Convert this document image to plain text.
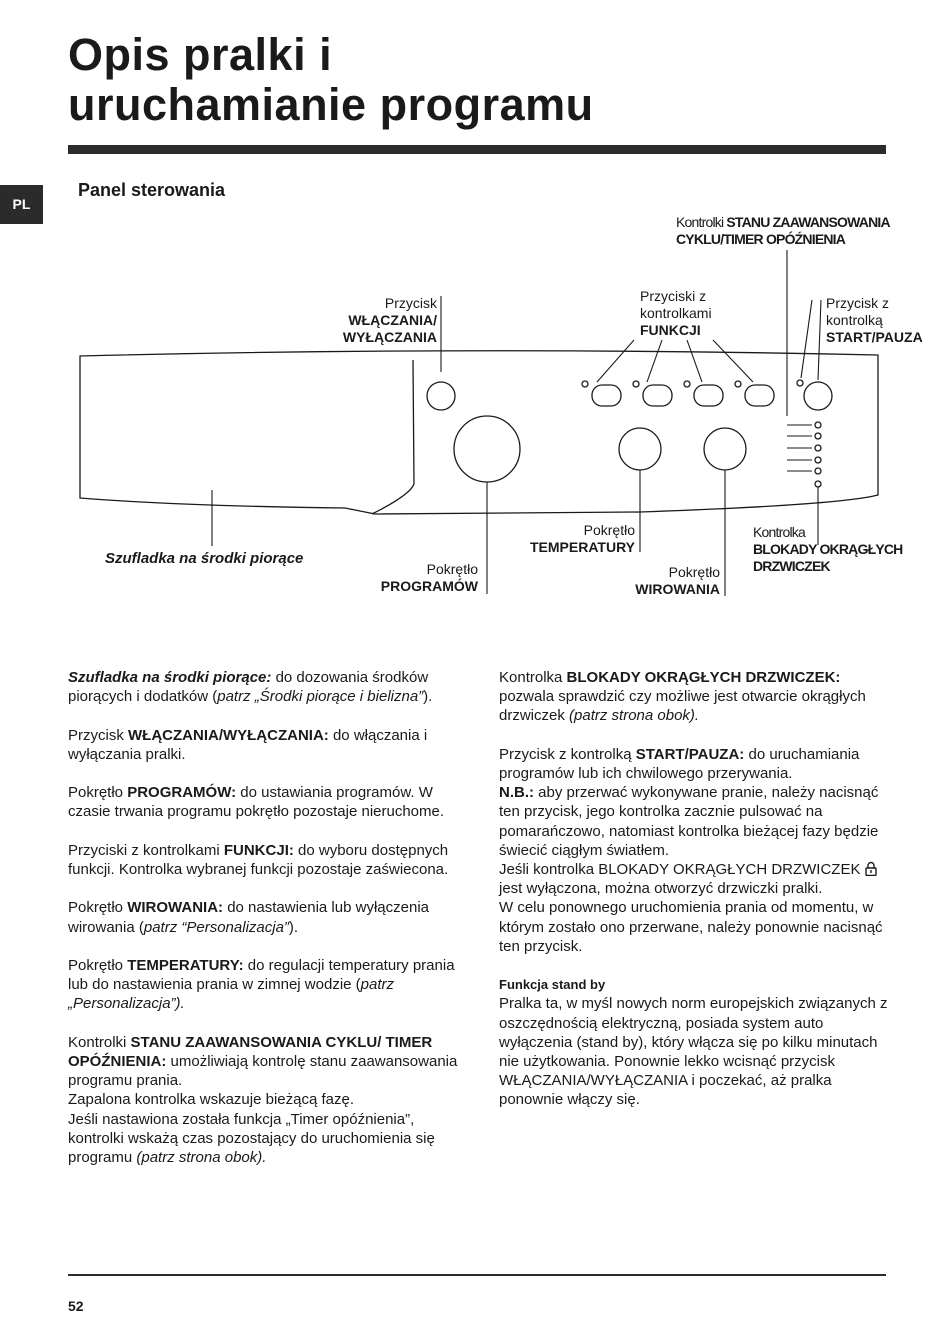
Opis pralki i
uruchamianie programu
PL
Panel sterowania
Kontrolki STANU ZAAWANSOWANIA
CYKLU/TIMER OPÓŹNIENIA
Przycisk
WŁĄCZANIA/
WYŁĄCZANIA
Przyciski z
kontrolkami
FUNKCJI
Przycisk z
kontrolką
START/PAUZA
Szufladka na środki piorące
Pokrętło
PROGRAMÓW
Pokrętło
TEMPERATURY
Pokrętło
WIROWANIA
Kontrolka
BLOKADY OKRĄGŁYCH
DRZWICZEK

Szufladka na środki piorące: do dozowania środków piorących i dodatków (patrz „Środki piorące i bielizna”).

Przycisk WŁĄCZANIA/WYŁĄCZANIA: do włączania i wyłączania pralki.

Pokrętło PROGRAMÓW: do ustawiania programów. W czasie trwania programu pokrętło pozostaje nieruchome.

Przyciski z kontrolkami FUNKCJI: do wyboru dostępnych funkcji. Kontrolka wybranej funkcji pozostaje zaświecona.

Pokrętło WIROWANIA: do nastawienia lub wyłączenia wirowania (patrz “Personalizacja”).

Pokrętło TEMPERATURY: do regulacji temperatury prania lub do nastawienia prania w zimnej wodzie (patrz „Personalizacja”).

Kontrolki STANU ZAAWANSOWANIA CYKLU/ TIMER OPÓŹNIENIA: umożliwiają kontrolę stanu zaawansowania programu prania.

Zapalona kontrolka wskazuje bieżącą fazę.

Jeśli nastawiona została funkcja „Timer opóźnienia”, kontrolki wskażą czas pozostający do uruchomienia się programu (patrz strona obok).

Kontrolka BLOKADY OKRĄGŁYCH DRZWICZEK: pozwala sprawdzić czy możliwe jest otwarcie okrągłych drzwiczek (patrz strona obok).

Przycisk z kontrolką START/PAUZA: do uruchamiania programów lub ich chwilowego przerywania.

N.B.: aby przerwać wykonywane pranie, należy nacisnąć ten przycisk, jego kontrolka zacznie pulsować na pomarańczowo, natomiast kontrolka bieżącej fazy będzie świecić ciągłym światłem.

Jeśli kontrolka BLOKADY OKRĄGŁYCH DRZWICZEK  jest wyłączona, można otworzyć drzwiczki pralki.

W celu ponownego uruchomienia prania od momentu, w którym zostało ono przerwane, należy ponownie nacisnąć ten przycisk.

Funkcja stand by

Pralka ta, w myśl nowych norm europejskich związanych z oszczędnością elektryczną, posiada system auto wyłączenia (stand by), który włącza się po kilku minutach nie użytkowania. Ponownie lekko wcisnąć przycisk WŁĄCZANIA/WYŁĄCZANIA i poczekać, aż pralka ponownie włączy się.

52
